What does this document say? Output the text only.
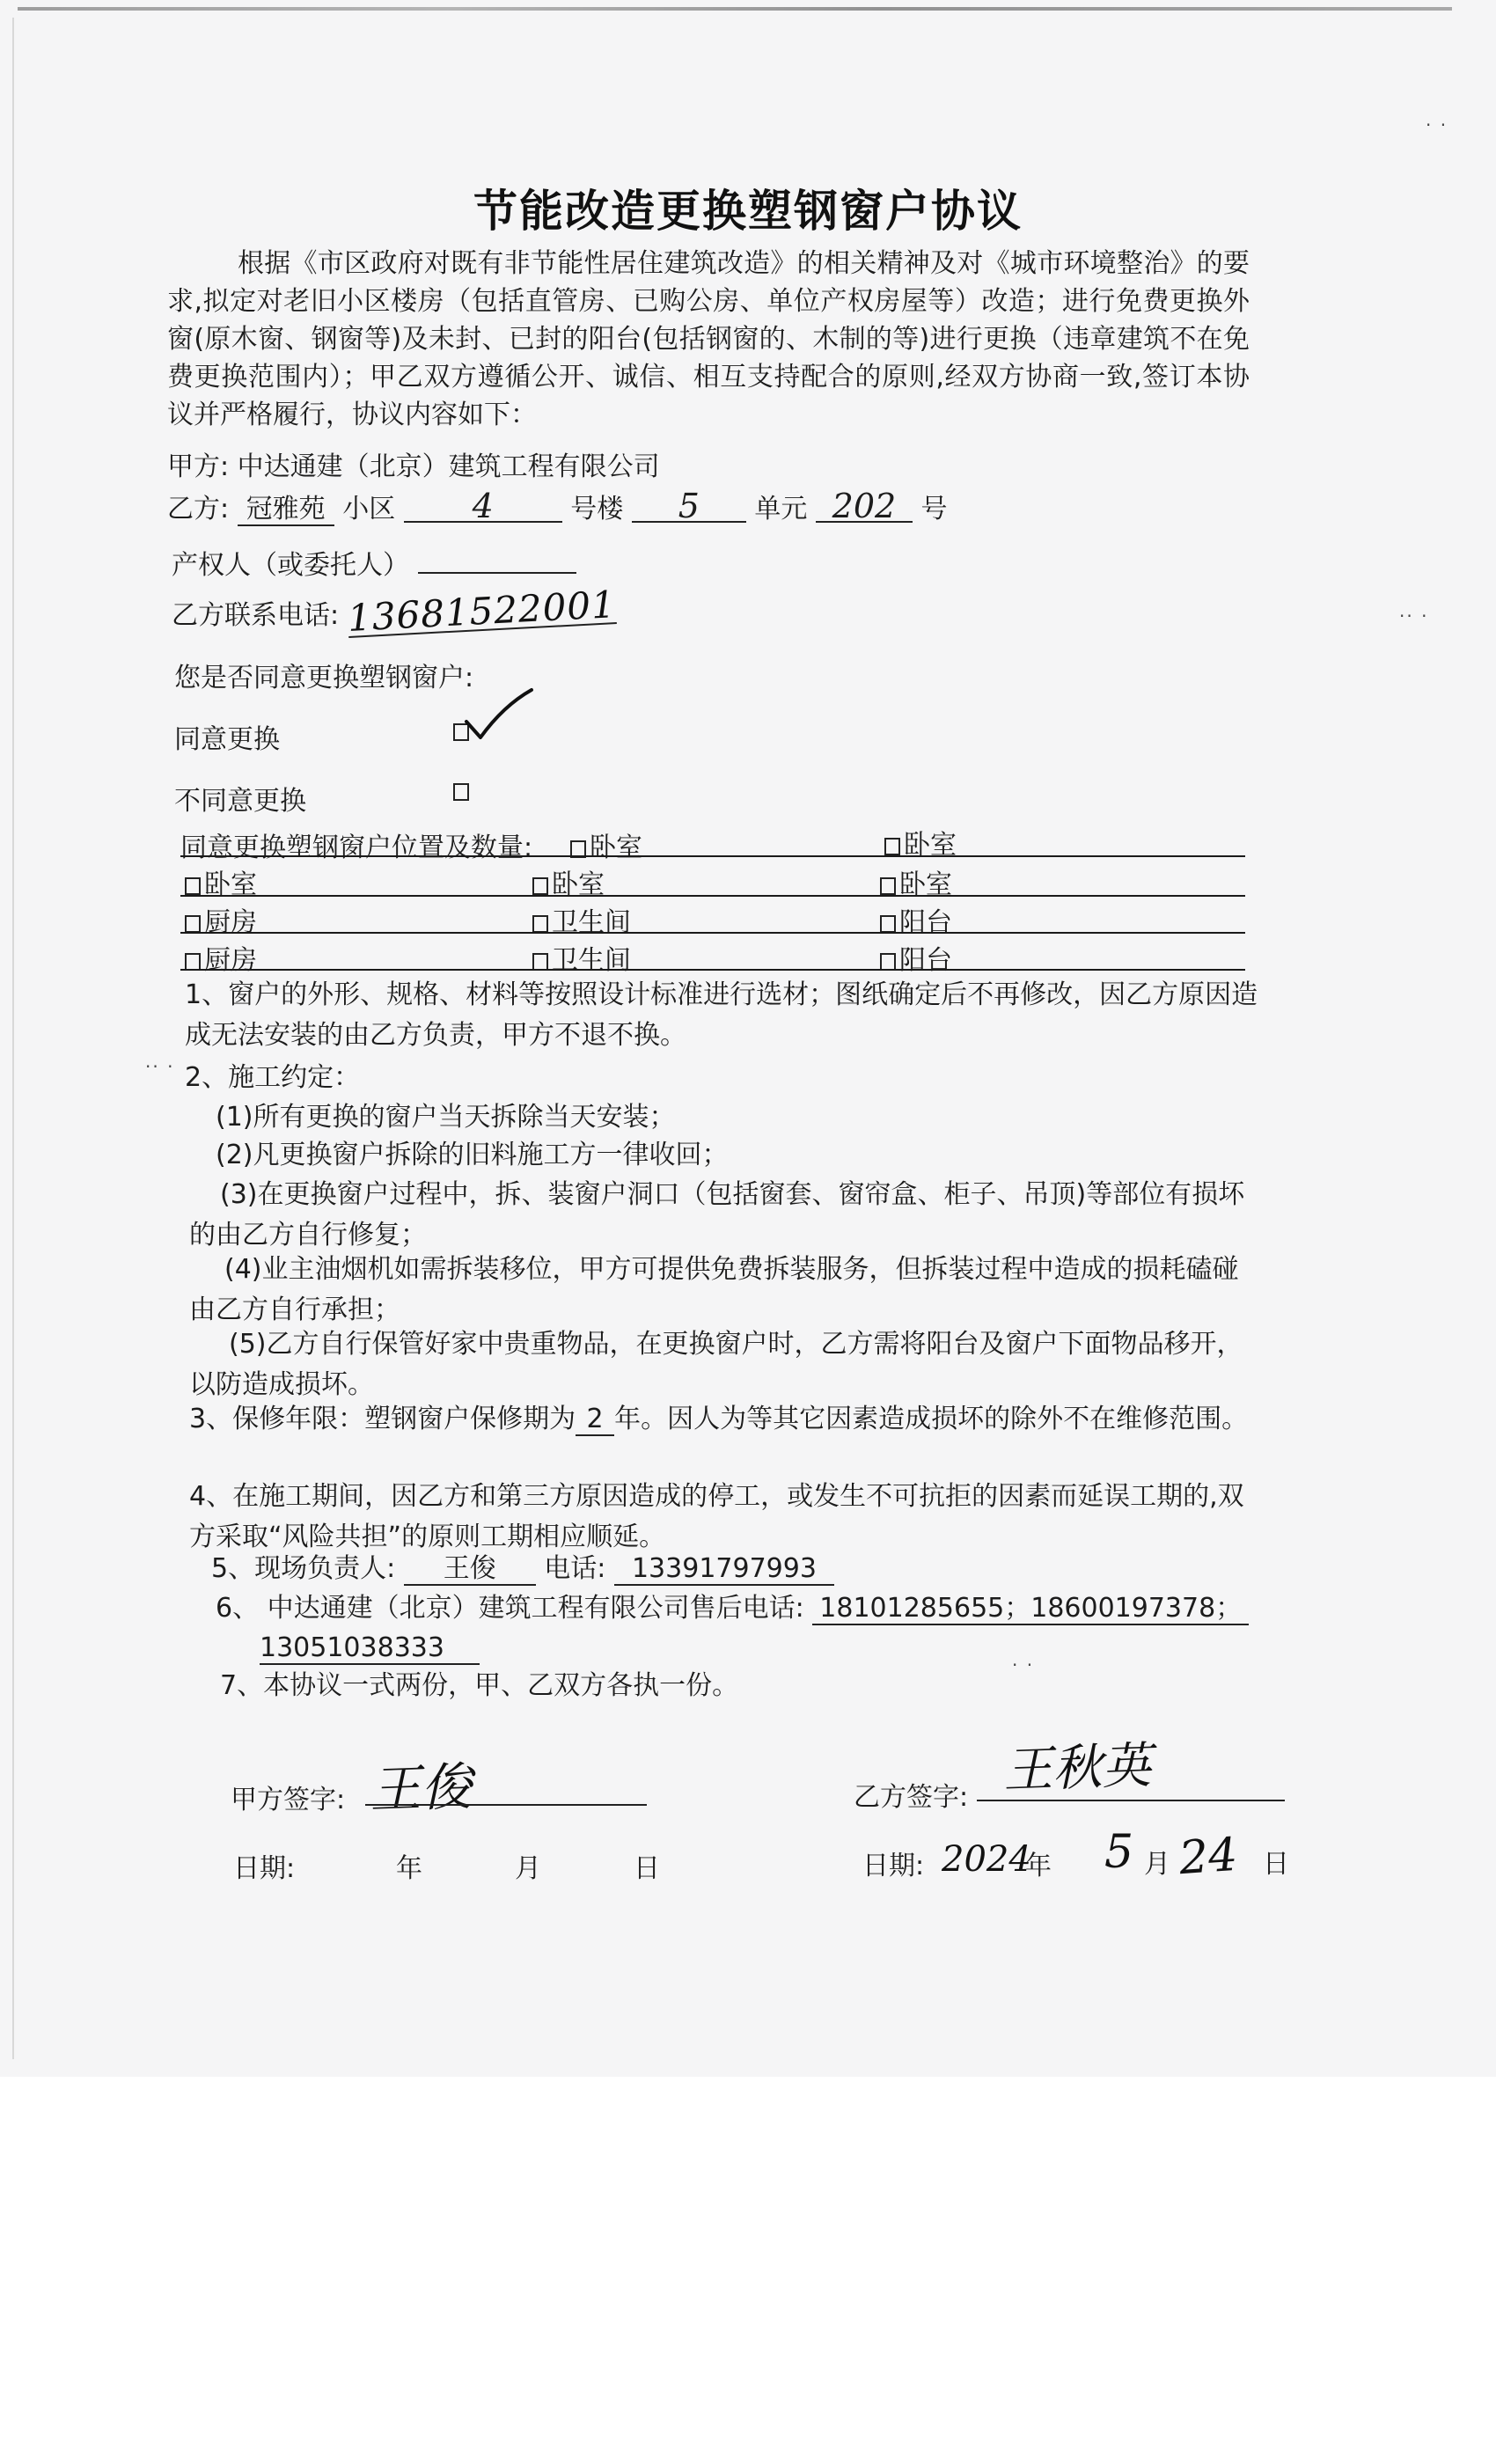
节能改造更换塑钢窗户协议
根据《市区政府对既有非节能性居住建筑改造》的相关精神及对《城市环境整治》的要求,拟定对老旧小区楼房（包括直管房、已购公房、单位产权房屋等）改造；进行免费更换外窗(原木窗、钢窗等)及未封、已封的阳台(包括钢窗的、木制的等)进行更换（违章建筑不在免费更换范围内）；甲乙双方遵循公开、诚信、相互支持配合的原则,经双方协商一致,签订本协议并严格履行，协议内容如下：
甲方: 中达通建（北京）建筑工程有限公司
乙方: 冠雅苑 小区 4	号楼 5 单元 202 号
产权人（或委托人）
乙方联系电话: 13681522001
您是否同意更换塑钢窗户:
同意更换
不同意更换
同意更换塑钢窗户位置及数量:	卧室	卧室
卧室	卧室	卧室
厨房	卫生间	阳台
厨房	卫生间	阳台
1、窗户的外形、规格、材料等按照设计标准进行选材；图纸确定后不再修改，因乙方原因造成无法安装的由乙方负责，甲方不退不换。
2、施工约定：
(1)所有更换的窗户当天拆除当天安装；
(2)凡更换窗户拆除的旧料施工方一律收回；
(3)在更换窗户过程中，拆、装窗户洞口（包括窗套、窗帘盒、柜子、吊顶)等部位有损坏的由乙方自行修复；
(4)业主油烟机如需拆装移位，甲方可提供免费拆装服务，但拆装过程中造成的损耗磕碰由乙方自行承担；
(5)乙方自行保管好家中贵重物品，在更换窗户时，乙方需将阳台及窗户下面物品移开，以防造成损坏。
3、保修年限：塑钢窗户保修期为 2 年。因人为等其它因素造成损坏的除外不在维修范围。
4、在施工期间，因乙方和第三方原因造成的停工，或发生不可抗拒的因素而延误工期的,双方采取“风险共担”的原则工期相应顺延。
5、现场负责人: 王俊 电话: 13391797993
6、 中达通建（北京）建筑工程有限公司售后电话: 18101285655；18600197378；
13051038333
7、本协议一式两份，甲、乙双方各执一份。
甲方签字: 王俊	乙方签字: 王秋英
日期:	年	月	日	日期: 2024
年 5 月 24 日
· ·
·· ·
·· ·
· ·
